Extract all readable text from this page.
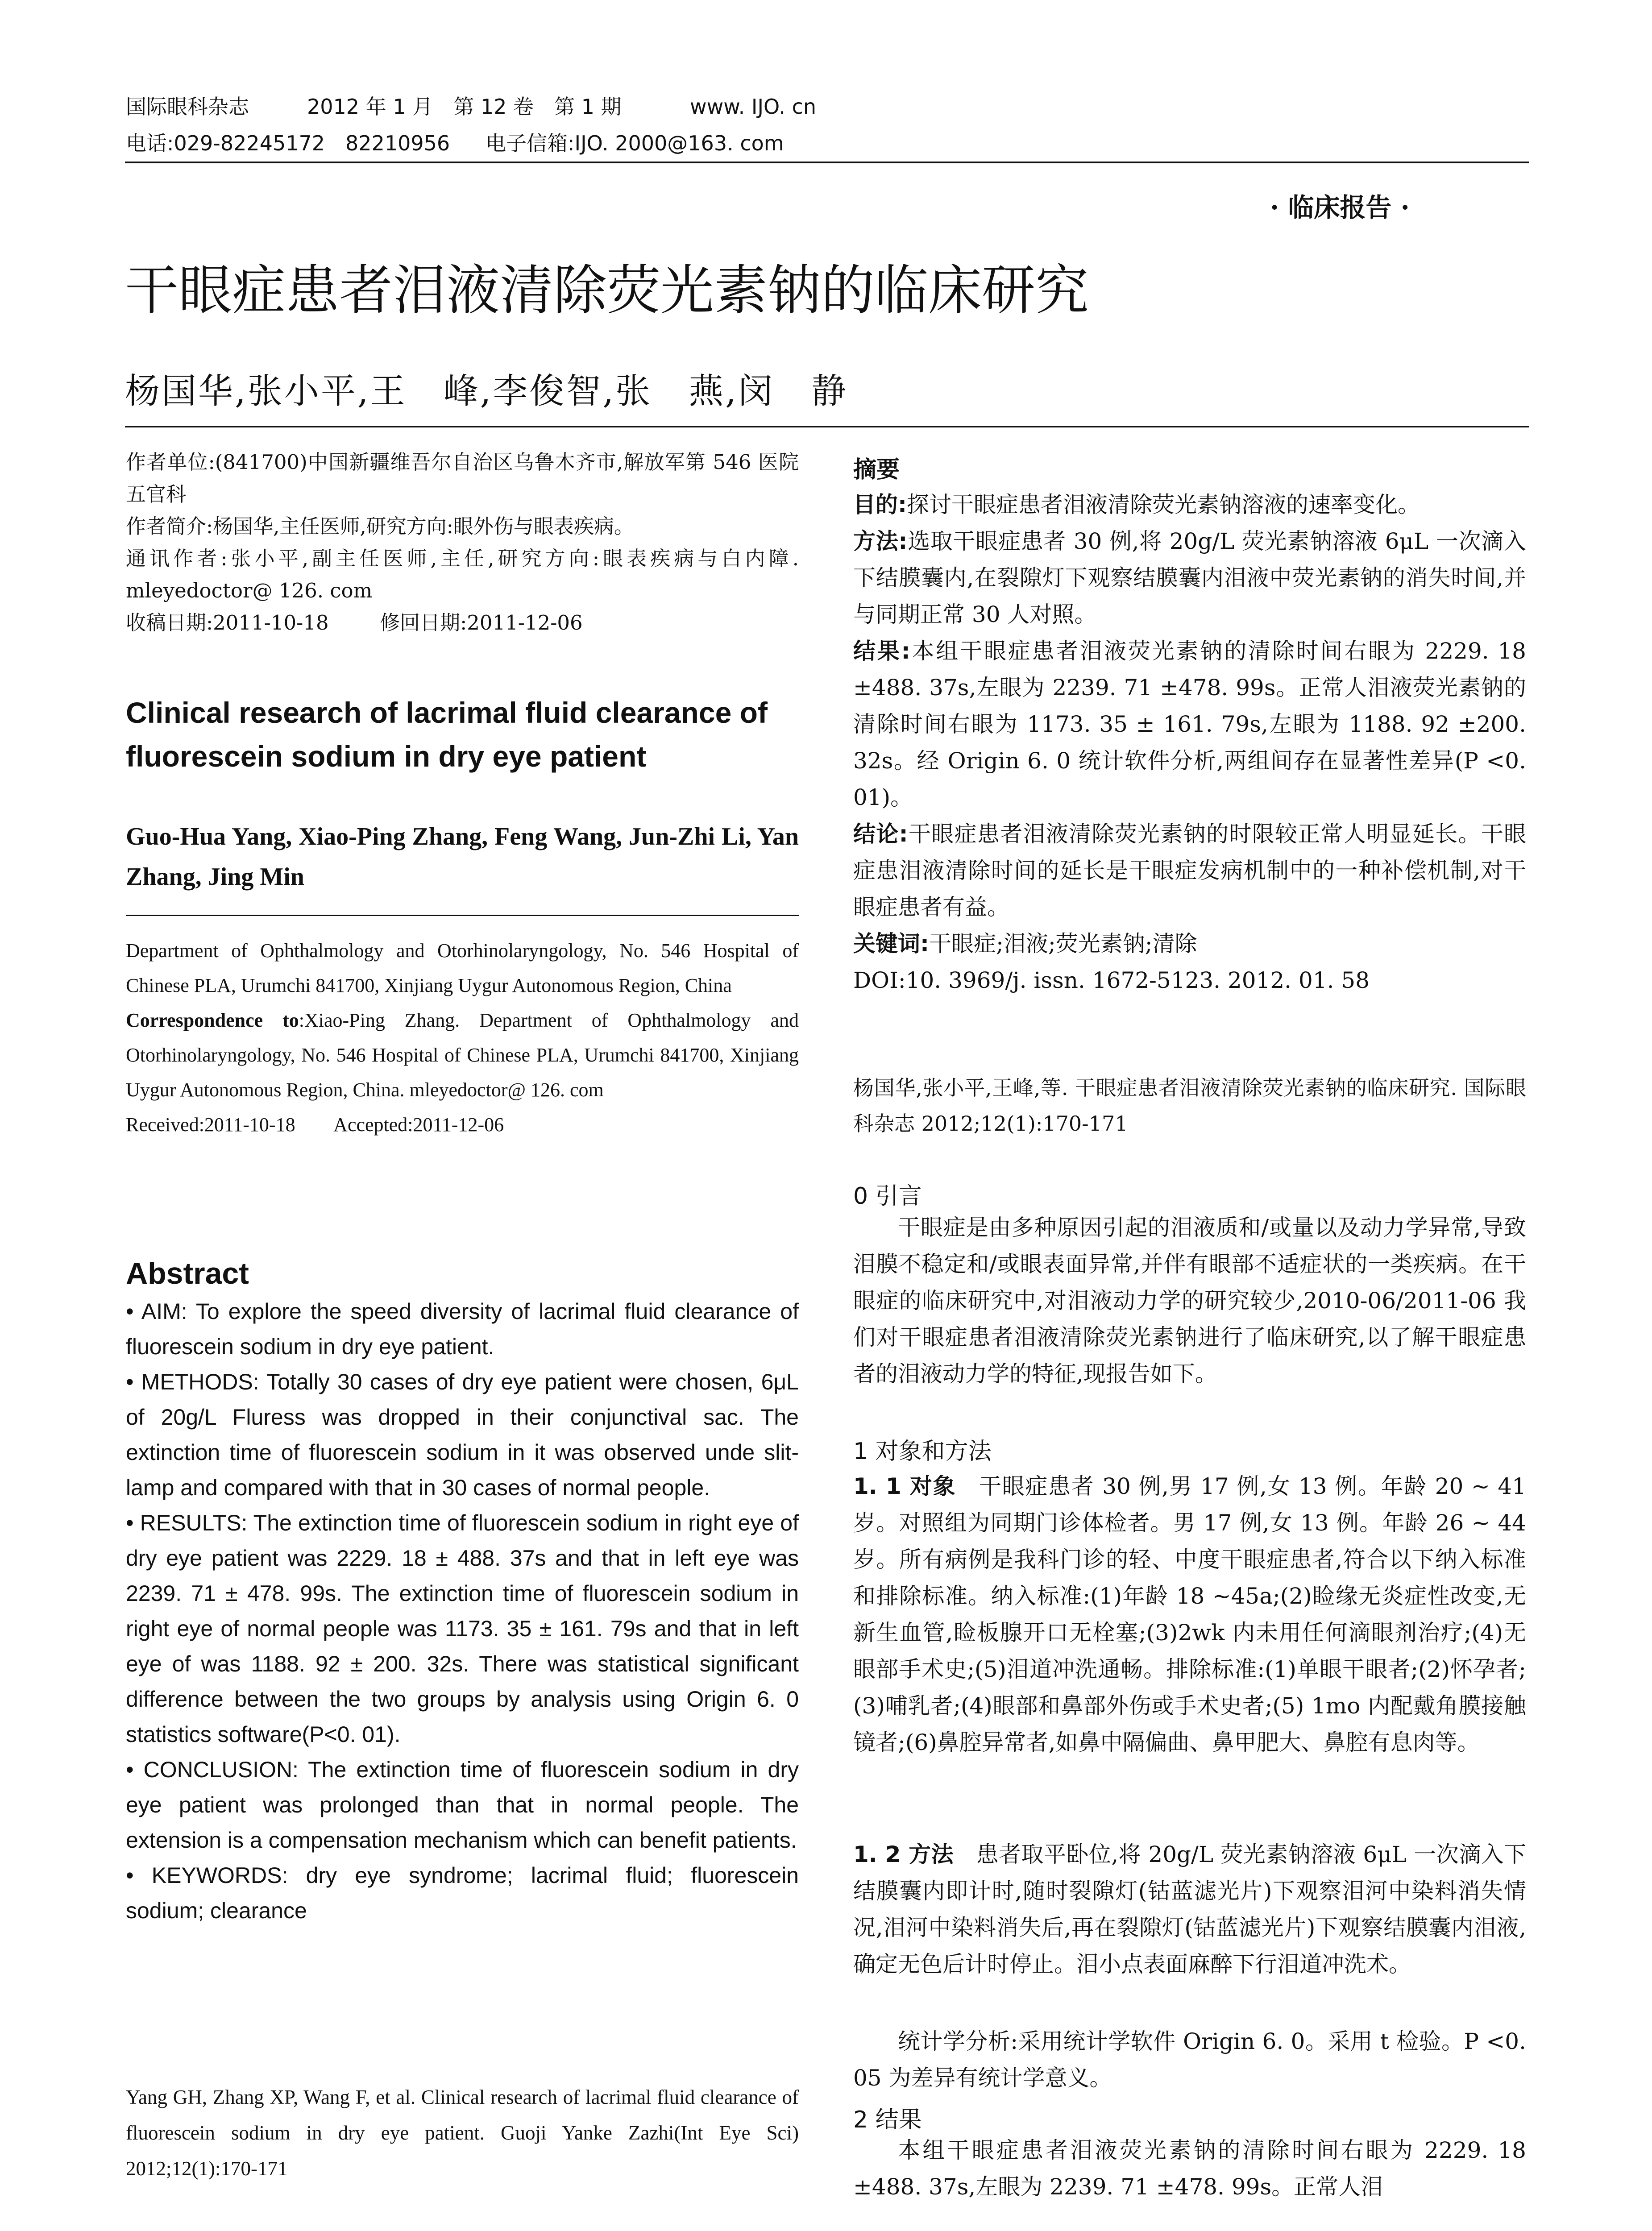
国际眼科杂志	2012 年 1 月　第 12 卷　第 1 期	www. IJO. cn
电话:029-82245172　82210956 电子信箱:IJO. 2000@163. com
· 临床报告 ·
干眼症患者泪液清除荧光素钠的临床研究
杨国华,张小平,王　峰,李俊智,张　燕,闵　静

作者单位:(841700)中国新疆维吾尔自治区乌鲁木齐市,解放军第 546 医院五官科

作者简介:杨国华,主任医师,研究方向:眼外伤与眼表疾病。

通讯作者:张小平,副主任医师,主任,研究方向:眼表疾病与白内障. mleyedoctor@ 126. com

收稿日期:2011-10-18	修回日期:2011-12-06

Clinical research of lacrimal fluid clearance of fluorescein sodium in dry eye patient
Guo-Hua Yang, Xiao-Ping Zhang, Feng Wang, Jun-Zhi Li, Yan Zhang, Jing Min

Department of Ophthalmology and Otorhinolaryngology, No. 546 Hospital of Chinese PLA, Urumchi 841700, Xinjiang Uygur Autonomous Region, China

Correspondence to:Xiao-Ping Zhang. Department of Ophthalmology and Otorhinolaryngology, No. 546 Hospital of Chinese PLA, Urumchi 841700, Xinjiang Uygur Autonomous Region, China. mleyedoctor@ 126. com

Received:2011-10-18 Accepted:2011-12-06

Abstract

• AIM: To explore the speed diversity of lacrimal fluid clearance of fluorescein sodium in dry eye patient.

• METHODS: Totally 30 cases of dry eye patient were chosen, 6μL of 20g/L Fluress was dropped in their conjunctival sac. The extinction time of fluorescein sodium in it was observed unde slit-lamp and compared with that in 30 cases of normal people.

• RESULTS: The extinction time of fluorescein sodium in right eye of dry eye patient was 2229. 18 ± 488. 37s and that in left eye was 2239. 71 ± 478. 99s. The extinction time of fluorescein sodium in right eye of normal people was 1173. 35 ± 161. 79s and that in left eye of was 1188. 92 ± 200. 32s. There was statistical significant difference between the two groups by analysis using Origin 6. 0 statistics software(P<0. 01).

• CONCLUSION: The extinction time of fluorescein sodium in dry eye patient was prolonged than that in normal people. The extension is a compensation mechanism which can benefit patients.

• KEYWORDS: dry eye syndrome; lacrimal fluid; fluorescein sodium; clearance

Yang GH, Zhang XP, Wang F, et al. Clinical research of lacrimal fluid clearance of fluorescein sodium in dry eye patient. Guoji Yanke Zazhi(Int Eye Sci) 2012;12(1):170-171
摘要

目的:探讨干眼症患者泪液清除荧光素钠溶液的速率变化。

方法:选取干眼症患者 30 例,将 20g/L 荧光素钠溶液 6μL 一次滴入下结膜囊内,在裂隙灯下观察结膜囊内泪液中荧光素钠的消失时间,并与同期正常 30 人对照。

结果:本组干眼症患者泪液荧光素钠的清除时间右眼为 2229. 18 ±488. 37s,左眼为 2239. 71 ±478. 99s。正常人泪液荧光素钠的清除时间右眼为 1173. 35 ± 161. 79s,左眼为 1188. 92 ±200. 32s。经 Origin 6. 0 统计软件分析,两组间存在显著性差异(P <0. 01)。

结论:干眼症患者泪液清除荧光素钠的时限较正常人明显延长。干眼症患泪液清除时间的延长是干眼症发病机制中的一种补偿机制,对干眼症患者有益。

关键词:干眼症;泪液;荧光素钠;清除

DOI:10. 3969/j. issn. 1672-5123. 2012. 01. 58

杨国华,张小平,王峰,等. 干眼症患者泪液清除荧光素钠的临床研究. 国际眼科杂志 2012;12(1):170-171
0 引言
干眼症是由多种原因引起的泪液质和/或量以及动力学异常,导致泪膜不稳定和/或眼表面异常,并伴有眼部不适症状的一类疾病。在干眼症的临床研究中,对泪液动力学的研究较少,2010-06/2011-06 我们对干眼症患者泪液清除荧光素钠进行了临床研究,以了解干眼症患者的泪液动力学的特征,现报告如下。
1 对象和方法
1. 1 对象　 干眼症患者 30 例,男 17 例,女 13 例。年龄 20 ~ 41 岁。对照组为同期门诊体检者。男 17 例,女 13 例。年龄 26 ~ 44 岁。所有病例是我科门诊的轻、中度干眼症患者,符合以下纳入标准和排除标准。纳入标准:(1)年龄 18 ~45a;(2)睑缘无炎症性改变,无新生血管,睑板腺开口无栓塞;(3)2wk 内未用任何滴眼剂治疗;(4)无眼部手术史;(5)泪道冲洗通畅。排除标准:(1)单眼干眼者;(2)怀孕者;(3)哺乳者;(4)眼部和鼻部外伤或手术史者;(5) 1mo 内配戴角膜接触镜者;(6)鼻腔异常者,如鼻中隔偏曲、鼻甲肥大、鼻腔有息肉等。
1. 2 方法　 患者取平卧位,将 20g/L 荧光素钠溶液 6μL 一次滴入下结膜囊内即计时,随时裂隙灯(钴蓝滤光片)下观察泪河中染料消失情况,泪河中染料消失后,再在裂隙灯(钴蓝滤光片)下观察结膜囊内泪液,确定无色后计时停止。泪小点表面麻醉下行泪道冲洗术。
统计学分析:采用统计学软件 Origin 6. 0。采用 t 检验。P <0. 05 为差异有统计学意义。
2 结果
本组干眼症患者泪液荧光素钠的清除时间右眼为 2229. 18 ±488. 37s,左眼为 2239. 71 ±478. 99s。正常人泪
